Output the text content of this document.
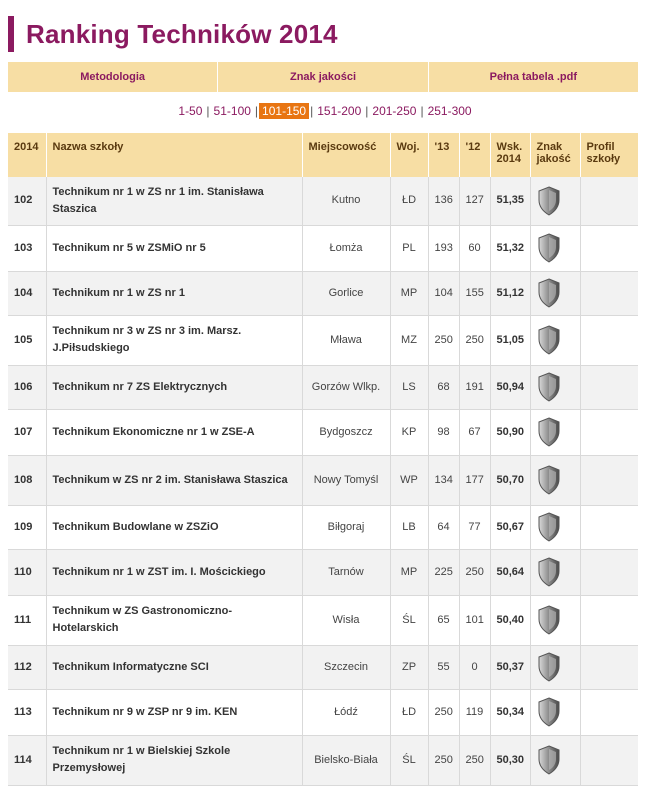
Ranking Techników 2014
Metodologia	Znak jakości	Pełna tabela .pdf
1-50 | 51-100 | 101-150 | 151-200 | 201-250 | 251-300
2014	Nazwa szkoły	Miejscowość	Woj.	'13	'12	Wsk. 2014	Znak jakość	Profil szkoły
102	Technikum nr 1 w ZS nr 1 im. Stanisława Staszica	Kutno	ŁD	136	127	51,35		
103	Technikum nr 5 w ZSMiO nr 5	Łomża	PL	193	60	51,32		
104	Technikum nr 1 w ZS nr 1	Gorlice	MP	104	155	51,12		
105	Technikum nr 3 w ZS nr 3 im. Marsz. J.Piłsudskiego	Mława	MZ	250	250	51,05		
106	Technikum nr 7 ZS Elektrycznych	Gorzów Wlkp.	LS	68	191	50,94		
107	Technikum Ekonomiczne nr 1 w ZSE-A	Bydgoszcz	KP	98	67	50,90		
108	Technikum w ZS nr 2 im. Stanisława Staszica	Nowy Tomyśl	WP	134	177	50,70		
109	Technikum Budowlane w ZSZiO	Biłgoraj	LB	64	77	50,67		
110	Technikum nr 1 w ZST im. I. Mościckiego	Tarnów	MP	225	250	50,64		
111	Technikum w ZS Gastronomiczno-Hotelarskich	Wisła	ŚL	65	101	50,40		
112	Technikum Informatyczne SCI	Szczecin	ZP	55	0	50,37		
113	Technikum nr 9 w ZSP nr 9 im. KEN	Łódź	ŁD	250	119	50,34		
114	Technikum nr 1 w Bielskiej Szkole Przemysłowej	Bielsko-Biała	ŚL	250	250	50,30		
